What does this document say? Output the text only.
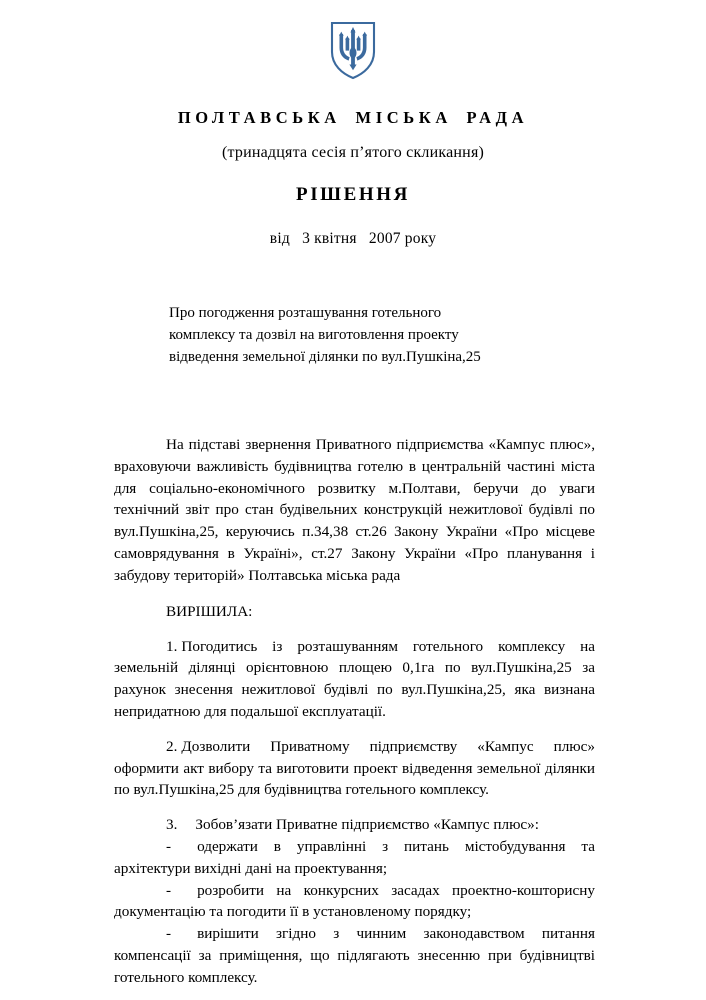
ПОЛТАВСЬКА МІСЬКА РАДА
(тринадцята сесія п’ятого скликання)
РІШЕННЯ
від   3 квітня   2007 року
Про погодження розташування готельного
комплексу та дозвіл на виготовлення проекту
відведення земельної ділянки по вул.Пушкіна,25

На підставі звернення Приватного підприємства «Кампус плюс», враховуючи важливість будівництва готелю в центральній частині міста для соціально-економічного розвитку м.Полтави, беручи до уваги технічний звіт про стан будівельних конструкцій нежитлової будівлі по вул.Пушкіна,25, керуючись п.34,38 ст.26 Закону України «Про місцеве самоврядування в Україні», ст.27 Закону України «Про планування і забудову територій» Полтавська міська рада

ВИРІШИЛА:

1. Погодитись із розташуванням готельного комплексу на земельній ділянці орієнтовною площею 0,1га по вул.Пушкіна,25 за рахунок знесення нежитлової будівлі по вул.Пушкіна,25, яка визнана непридатною для подальшої експлуатації.

2. Дозволити Приватному підприємству «Кампус плюс» оформити акт вибору та виготовити проект відведення земельної ділянки по вул.Пушкіна,25 для будівництва готельного комплексу.

3. Зобов’язати Приватне підприємство «Кампус плюс»:

- одержати в управлінні з питань містобудування та архітектури вихідні дані на проектування;

- розробити на конкурсних засадах проектно-кошторисну документацію та погодити її в установленому порядку;

- вирішити згідно з чинним законодавством питання компенсації за приміщення, що підлягають знесенню при будівництві готельного комплексу.
